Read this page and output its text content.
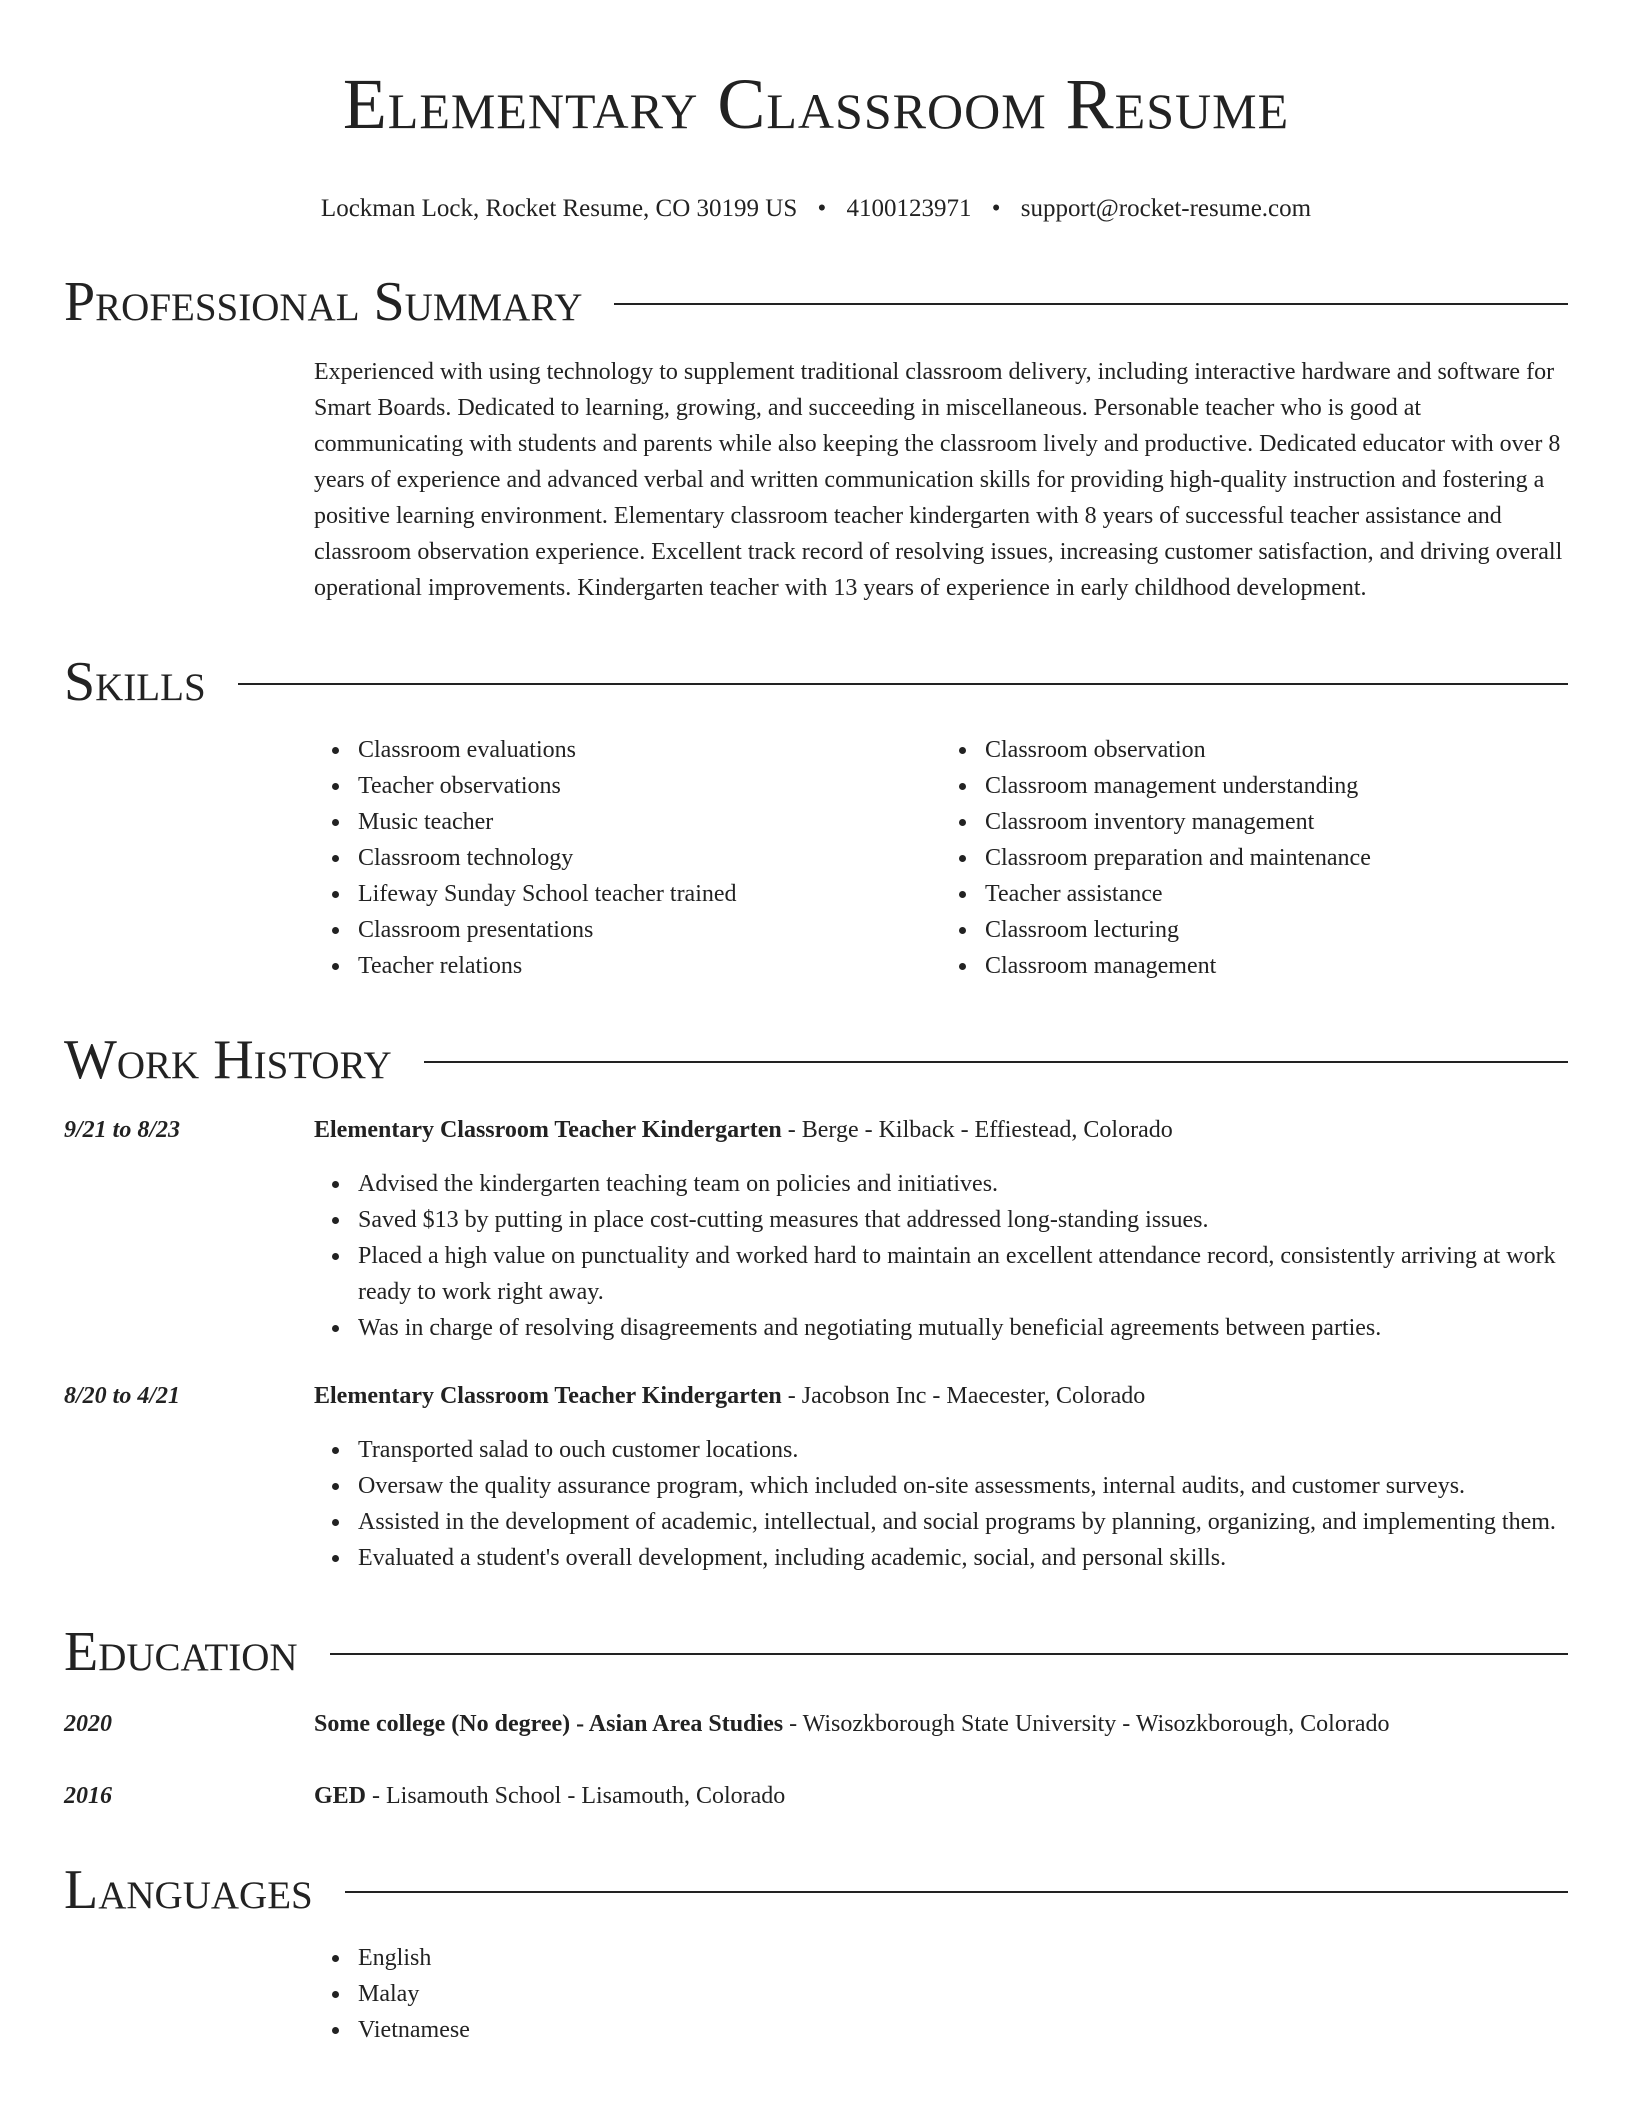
Elementary Classroom Resume
Lockman Lock, Rocket Resume, CO 30199 US • 4100123971 • support@rocket-resume.com
Professional Summary
Experienced with using technology to supplement traditional classroom delivery, including interactive hardware and software for Smart Boards. Dedicated to learning, growing, and succeeding in miscellaneous. Personable teacher who is good at communicating with students and parents while also keeping the classroom lively and productive. Dedicated educator with over 8 years of experience and advanced verbal and written communication skills for providing high-quality instruction and fostering a positive learning environment. Elementary classroom teacher kindergarten with 8 years of successful teacher assistance and classroom observation experience. Excellent track record of resolving issues, increasing customer satisfaction, and driving overall operational improvements. Kindergarten teacher with 13 years of experience in early childhood development.
Skills
Classroom evaluations
Teacher observations
Music teacher
Classroom technology
Lifeway Sunday School teacher trained
Classroom presentations
Teacher relations
Classroom observation
Classroom management understanding
Classroom inventory management
Classroom preparation and maintenance
Teacher assistance
Classroom lecturing
Classroom management
Work History
9/21 to 8/23	Elementary Classroom Teacher Kindergarten - Berge - Kilback - Effiestead, Colorado
Advised the kindergarten teaching team on policies and initiatives.
Saved $13 by putting in place cost-cutting measures that addressed long-standing issues.
Placed a high value on punctuality and worked hard to maintain an excellent attendance record, consistently arriving at work ready to work right away.
Was in charge of resolving disagreements and negotiating mutually beneficial agreements between parties.
8/20 to 4/21	Elementary Classroom Teacher Kindergarten - Jacobson Inc - Maecester, Colorado
Transported salad to ouch customer locations.
Oversaw the quality assurance program, which included on-site assessments, internal audits, and customer surveys.
Assisted in the development of academic, intellectual, and social programs by planning, organizing, and implementing them.
Evaluated a student's overall development, including academic, social, and personal skills.
Education
2020	Some college (No degree) - Asian Area Studies - Wisozkborough State University - Wisozkborough, Colorado
2016	GED - Lisamouth School - Lisamouth, Colorado
Languages
English
Malay
Vietnamese
